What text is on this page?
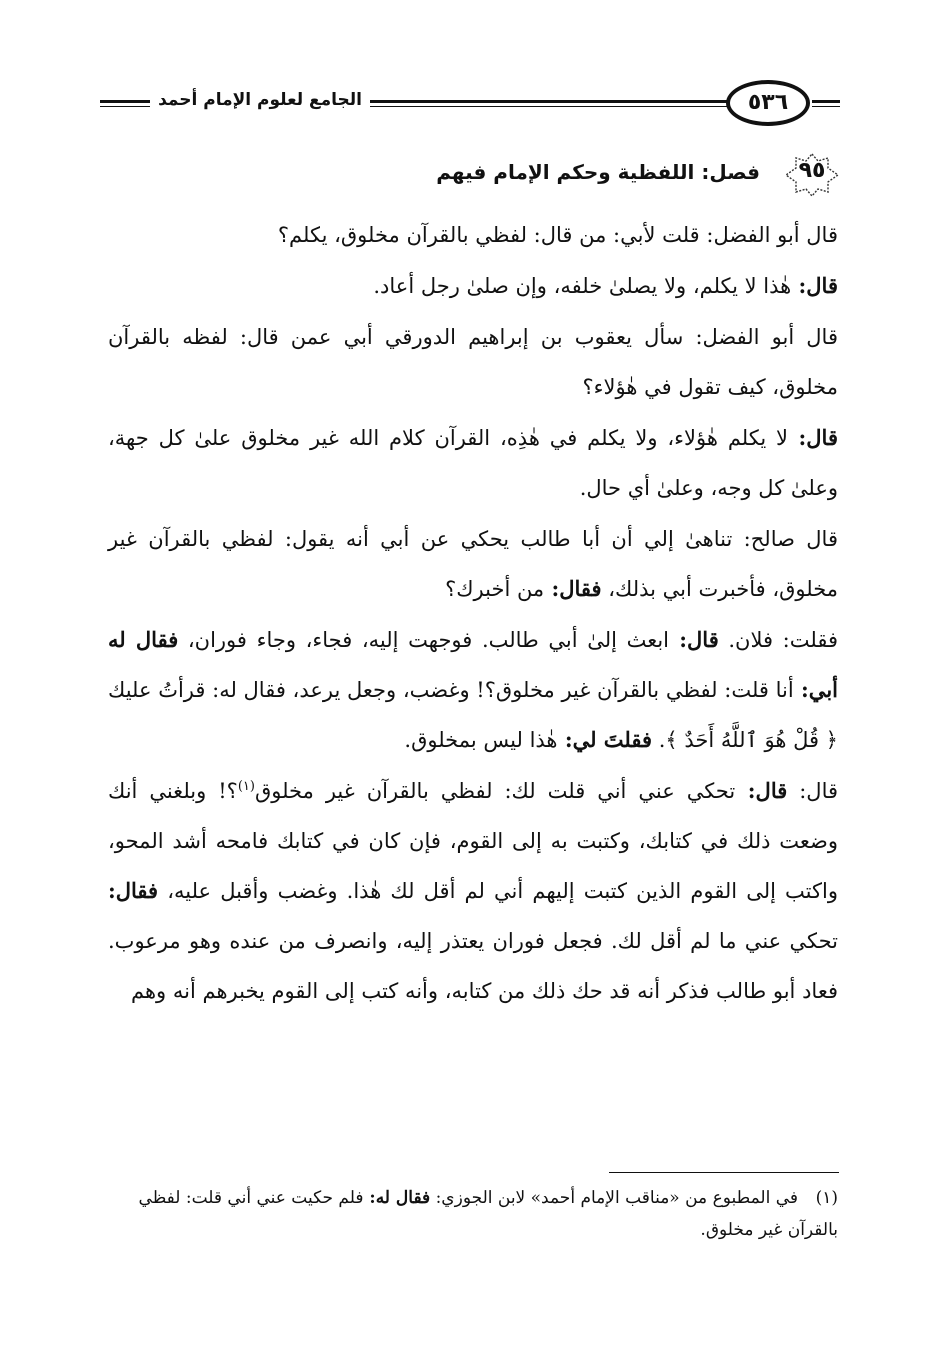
الجامع لعلوم الإمام أحمد	٥٣٦
٩٥
فصل: اللفظية وحكم الإمام فيهم

قال أبو الفضل: قلت لأبي: من قال: لفظي بالقرآن مخلوق، يكلم؟

قال: هٰذا لا يكلم، ولا يصلىٰ خلفه، وإن صلىٰ رجل أعاد.

قال أبو الفضل: سأل يعقوب بن إبراهيم الدورقي أبي عمن قال: لفظه بالقرآن مخلوق، كيف تقول في هٰؤلاء؟

قال: لا يكلم هٰؤلاء، ولا يكلم في هٰذِه، القرآن كلام الله غير مخلوق علىٰ كل جهة، وعلىٰ كل وجه، وعلىٰ أي حال.

قال صالح: تناهىٰ إلي أن أبا طالب يحكي عن أبي أنه يقول: لفظي بالقرآن غير مخلوق، فأخبرت أبي بذلك، فقال: من أخبرك؟

فقلت: فلان. قال: ابعث إلىٰ أبي طالب. فوجهت إليه، فجاء، وجاء فوران، فقال له أبي: أنا قلت: لفظي بالقرآن غير مخلوق؟! وغضب، وجعل يرعد، فقال له: قرأتُ عليك ﴿ قُلْ هُوَ ٱللَّهُ أَحَدٌ ﴾. فقلتَ لي: هٰذا ليس بمخلوق.

قال: قال: تحكي عني أني قلت لك: لفظي بالقرآن غير مخلوق$^{(١)}$؟! وبلغني أنك وضعت ذلك في كتابك، وكتبت به إلى القوم، فإن كان في كتابك فامحه أشد المحو، واكتب إلى القوم الذين كتبت إليهم أني لم أقل لك هٰذا. وغضب وأقبل عليه، فقال: تحكي عني ما لم أقل لك. فجعل فوران يعتذر إليه، وانصرف من عنده وهو مرعوب. فعاد أبو طالب فذكر أنه قد حك ذلك من كتابه، وأنه كتب إلى القوم يخبرهم أنه وهم

(١)في المطبوع من «مناقب الإمام أحمد» لابن الجوزي: فقال له: فلم حكيت عني أني قلت: لفظي بالقرآن غير مخلوق.
